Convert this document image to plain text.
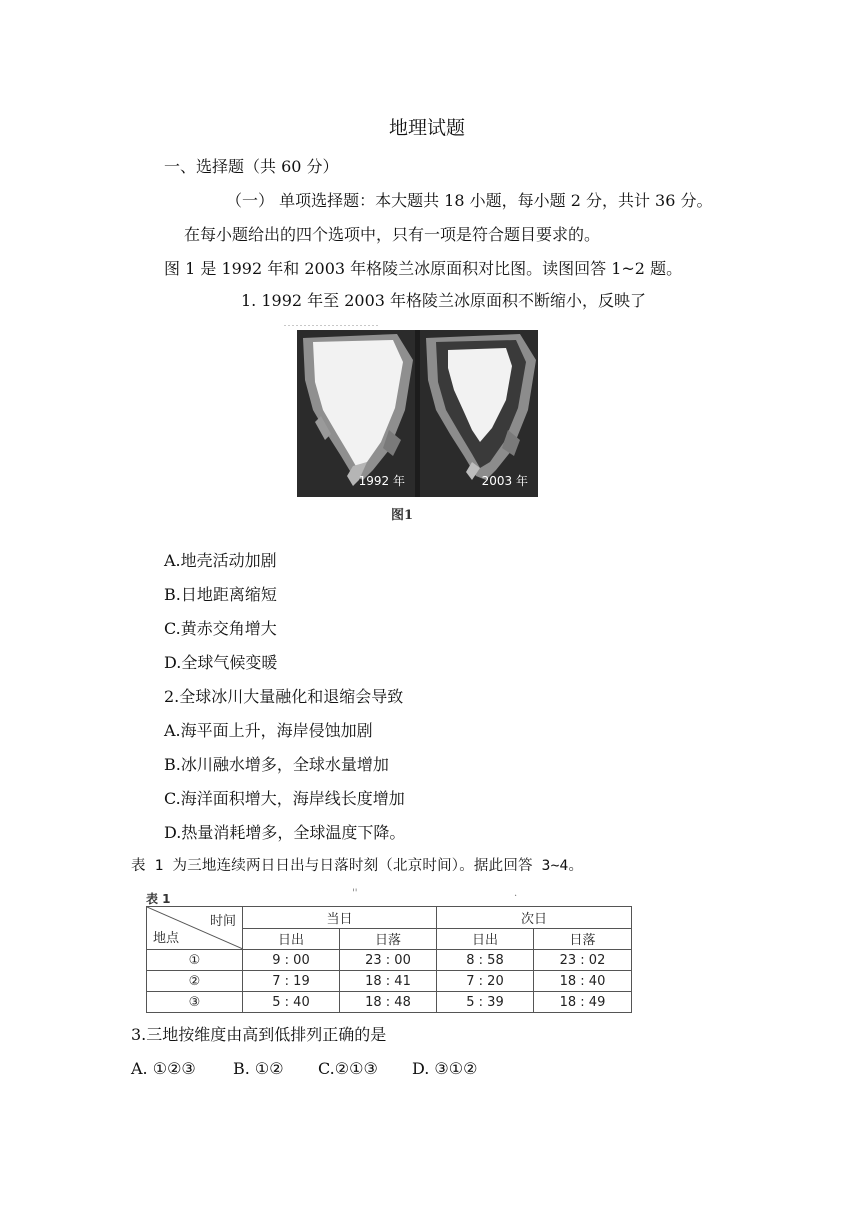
地理试题
一、选择题（共 60 分）
（一） 单项选择题：本大题共 18 小题，每小题 2 分，共计 36 分。
在每小题给出的四个选项中，只有一项是符合题目要求的。
图 1 是 1992 年和 2003 年格陵兰冰原面积对比图。读图回答 1~2 题。
1. 1992 年至 2003 年格陵兰冰原面积不断缩小，反映了
……………………
1992 年	2003 年
图1
A.地壳活动加剧
B.日地距离缩短
C.黄赤交角增大
D.全球气候变暖
2.全球冰川大量融化和退缩会导致
A.海平面上升，海岸侵蚀加剧
B.冰川融水增多，全球水量增加
C.海洋面积增大，海岸线长度增加
D.热量消耗增多，全球温度下降。
表 1 为三地连续两日日出与日落时刻（北京时间）。据此回答 3~4。
表 1	''	.
时间
地点	当日		次日	
	日出	日落	日出	日落
①	9 : 00	23 : 00	8 : 58	23 : 02
②	7 : 19	18 : 41	7 : 20	18 : 40
③	5 : 40	18 : 48	5 : 39	18 : 49
3.三地按维度由高到低排列正确的是
A. ①②③ B. ①② C.②①③ D. ③①②
